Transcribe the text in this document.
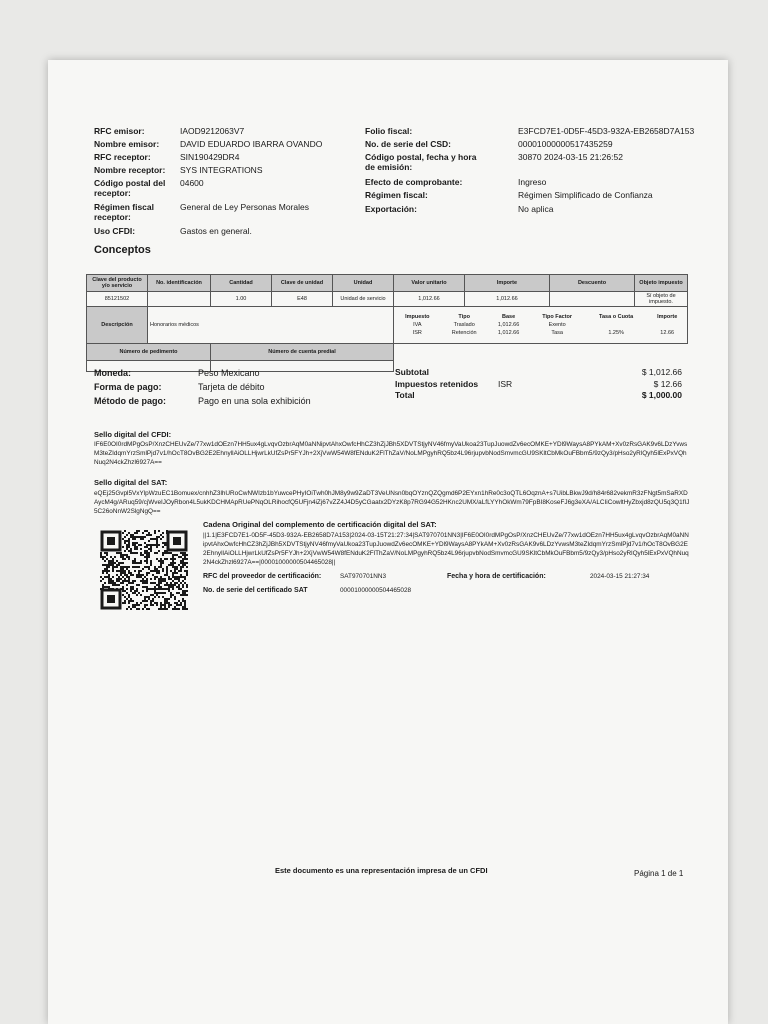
RFC emisor:	IAOD9212063V7
Nombre emisor: DAVID EDUARDO IBARRA OVANDO
RFC receptor:	SIN190429DR4
Nombre receptor: SYS INTEGRATIONS
Código postal del receptor:
04600
Régimen fiscal receptor:
General de Ley Personas Morales
Uso CFDI:	Gastos en general.
Folio fiscal:	E3FCD7E1-0D5F-45D3-932A-EB2658D7A153
No. de serie del CSD:	00001000000517435259
Código postal, fecha y hora de emisión:
30870 2024-03-15 21:26:52
Efecto de comprobante:	Ingreso
Régimen fiscal:	Régimen Simplificado de Confianza
Exportación:	No aplica
Conceptos
Clave del producto y/o servicio	No. identificación	Cantidad	Clave de unidad	Unidad	Valor unitario	Importe	Descuento	Objeto impuesto
85121502		1.00	E48	Unidad de servicio	1,012.66	1,012.66		Sí objeto de impuesto.
Descripción	Honorarios médicos	
Impuesto	Tipo	Base	Tipo Factor	Tasa o Cuota	Importe
IVA	Traslado	1,012.66	Exento		
ISR	Retención	1,012.66	Tasa	1.25%	12.66

Número de pedimento	Número de cuenta predial	

Moneda:	Peso Mexicano
Forma de pago:	Tarjeta de débito
Método de pago:	Pago en una sola exhibición
Subtotal	$ 1,012.66
Impuestos retenidos ISR	$ 12.66
Total	$ 1,000.00
Sello digital del CFDI:
IF6E0OI0rdMPgOsP/XnzCHEUvZe/77xw1dOEzn7HH5ux4gLvqvOzbrAqM0aNNipvtAhxOwfcHhCZ3hZjJBh5XDVTStjyNV46fmyVaUkoa23TupJuowdZv6ecOMKE+YDl9WaysA8PYkAM+Xv0zRsGAK9v6LDzYvwsM3teZIdqmYrzSmlPjd7v1/hOcT8OvBG2E2EhnyllAiOLLHjwrLkUfZsPr5FYJh+2XjVwW54W8fENduK2FlThZaV/NoLMPgyhRQ5bz4L96rjupvbNodSmvmcGU9SKltCbMkOuFBbm5/9zQy3/pHso2yRlQyh5lExPxVQhNuq2N4ckZhzl6927A==
Sello digital del SAT:
eQEj25Gvpl5VxYlpWzuEC1Bomuex/cnhhZ3lhURoCwNWIzb1bYuwcePHyIOiTwh0hJM8y9w9ZaDT3VeUNsn0bqOYznQZQgmd6P2EYxn1hRe0c3oQTL6OqznA+s7UibLBkwJ9d/h84r682vekmR3zFNgt5mSaRXDAycM4g/ARuq59/cjWveIJOyRbon4L5ukKDCHMApRUePNqOLRihocfQ5UFjn4iZj67vZZ4J4D5yCGaatx2DYzK8p7RG94G52HKnc2UMX/aLfLYYhOkWm79FpBI8KoseFJ6g3eXA/ALCIiCowltHyZbxjd8zQU5q3Q1fIJ5C26oNnW2SlgNgQ==
Cadena Original del complemento de certificación digital del SAT:
||1.1|E3FCD7E1-0D5F-45D3-932A-EB2658D7A153|2024-03-15T21:27:34|SAT970701NN3|IF6E0OI0rdMPgOsP/XnzCHEUvZe/77xw1dOEzn7HH5ux4gLvqvOzbrAqM0aNNipvtAhxOwfcHhCZ3hZjJBh5XDVTStjyNV46fmyVaUkoa23TupJuowdZv6ecOMKE+YDl9WaysA8PYkAM+Xv0zRsGAK9v6LDzYvwsM3teZIdqmYrzSmlPjd7v1/hOcT8OvBG2E2EhnyllAiOLLHjwrLkUfZsPr5FYJh+2XjVwW54W8fENduK2FlThZaV/NoLMPgyhRQ5bz4L96rjupvbNodSmvmcGU9SKltCbMkOuFBbm5/9zQy3/pHso2yRlQyh5lExPxVQhNuq2N4ckZhzl6927A==|00001000000504465028||
RFC del proveedor de certificación:	SAT970701NN3	Fecha y hora de certificación:	2024-03-15 21:27:34
No. de serie del certificado SAT	00001000000504465028
Este documento es una representación impresa de un CFDI	Página 1 de 1
